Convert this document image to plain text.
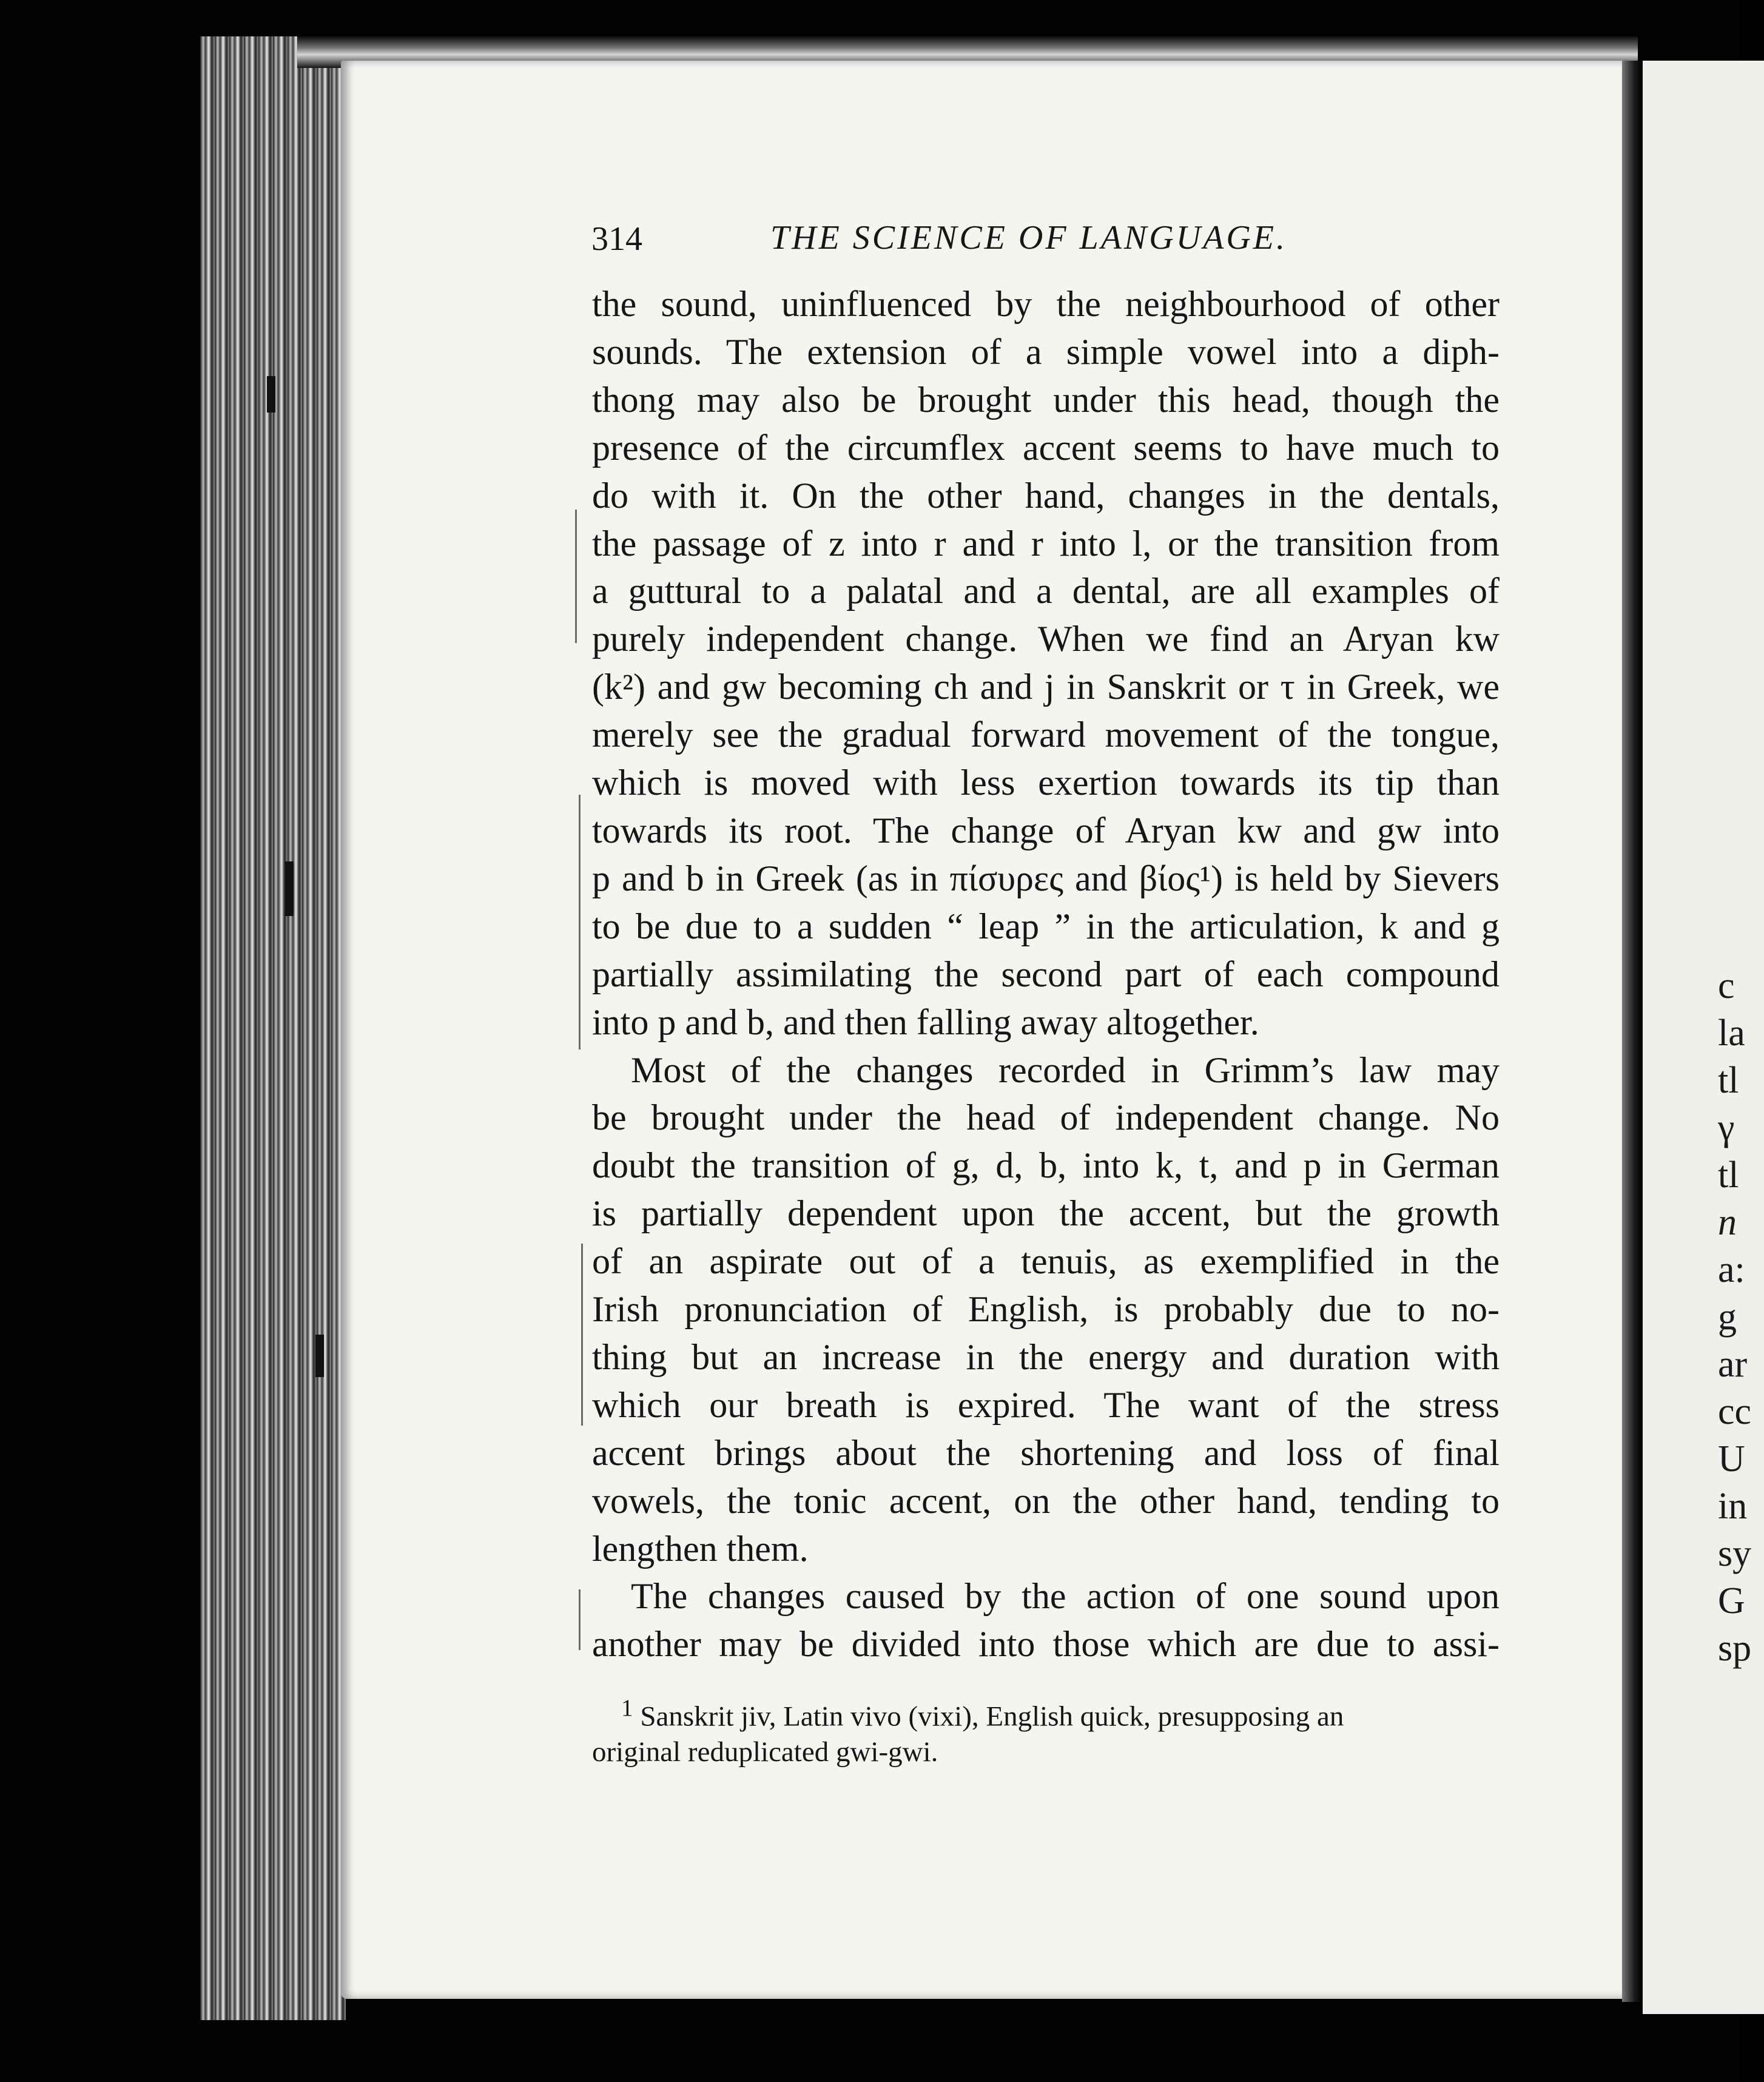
314	THE SCIENCE OF LANGUAGE.

the sound, uninfluenced by the neighbourhood of other

sounds. The extension of a simple vowel into a diph-

thong may also be brought under this head, though the

presence of the circumflex accent seems to have much to

do with it. On the other hand, changes in the dentals,

the passage of z into r and r into l, or the transition from

a guttural to a palatal and a dental, are all examples of

purely independent change. When we find an Aryan kw

(k²) and gw becoming ch and j in Sanskrit or τ in Greek, we

merely see the gradual forward movement of the tongue,

which is moved with less exertion towards its tip than

towards its root. The change of Aryan kw and gw into

p and b in Greek (as in πίσυρες and βίος¹) is held by Sievers

to be due to a sudden “ leap ” in the articulation, k and g

partially assimilating the second part of each compound

into p and b, and then falling away altogether.

Most of the changes recorded in Grimm’s law may

be brought under the head of independent change. No

doubt the transition of g, d, b, into k, t, and p in German

is partially dependent upon the accent, but the growth

of an aspirate out of a tenuis, as exemplified in the

Irish pronunciation of English, is probably due to no-

thing but an increase in the energy and duration with

which our breath is expired. The want of the stress

accent brings about the shortening and loss of final

vowels, the tonic accent, on the other hand, tending to

lengthen them.

The changes caused by the action of one sound upon

another may be divided into those which are due to assi-

$^1$ Sanskrit jiv, Latin vivo (vixi), English quick, presupposing an

original reduplicated gwi-gwi.

c
la
tl
γ
tl
n
a:
g
ar
cc
U
in
sy
G
sp
